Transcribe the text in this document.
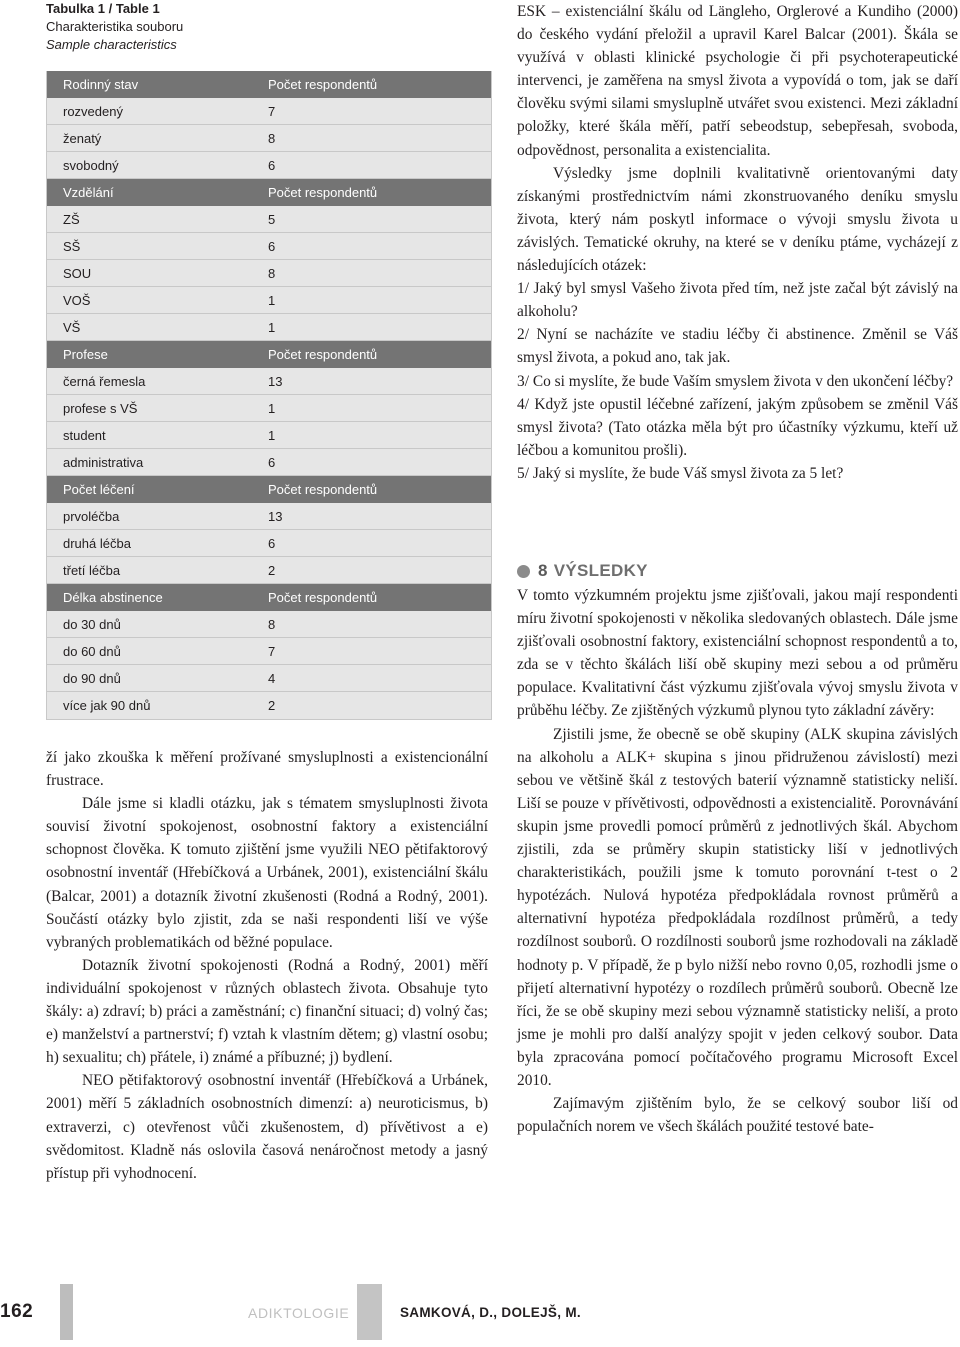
Tabulka 1 / Table 1
Charakteristika souboru
Sample characteristics
Rodinný stav	Počet respondentů
rozvedený	7
ženatý	8
svobodný	6
Vzdělání	Počet respondentů
ZŠ	5
SŠ	6
SOU	8
VOŠ	1
VŠ	1
Profese	Počet respondentů
černá řemesla	13
profese s VŠ	1
student	1
administrativa	6
Počet léčení	Počet respondentů
prvoléčba	13
druhá léčba	6
třetí léčba	2
Délka abstinence	Počet respondentů
do 30 dnů	8
do 60 dnů	7
do 90 dnů	4
více jak 90 dnů	2

ží jako zkouška k měření prožívané smysluplnosti a existencionální frustrace.

Dále jsme si kladli otázku, jak s tématem smysluplnosti života souvisí životní spokojenost, osobnostní faktory a existenciální schopnost člověka. K tomuto zjištění jsme využili NEO pětifaktorový osobnostní inventář (Hřebíčková a Urbánek, 2001), existenciální škálu (Balcar, 2001) a dotazník životní zkušenosti (Rodná a Rodný, 2001). Součástí otázky bylo zjistit, zda se naši respondenti liší ve výše vybraných problematikách od běžné populace.

Dotazník životní spokojenosti (Rodná a Rodný, 2001) měří individuální spokojenost v různých oblastech života. Obsahuje tyto škály: a) zdraví; b) práci a zaměstnání; c) finanční situaci; d) volný čas; e) manželství a partnerství; f) vztah k vlastním dětem; g) vlastní osobu; h) sexualitu; ch) přátele, i) známé a příbuzné; j) bydlení.

NEO pětifaktorový osobnostní inventář (Hřebíčková a Urbánek, 2001) měří 5 základních osobnostních dimenzí: a) neuroticismus, b) extraverzi, c) otevřenost vůči zkušenostem, d) přívětivost a e) svědomitost. Kladně nás oslovila časová nenáročnost metody a jasný přístup při vyhodnocení.

ESK – existenciální škálu od Längleho, Orglerové a Kundiho (2000) do českého vydání přeložil a upravil Karel Balcar (2001). Škála se využívá v oblasti klinické psychologie či při psychoterapeutické intervenci, je zaměřena na smysl života a vypovídá o tom, jak se daří člověku svými silami smysluplně utvářet svou existenci. Mezi základní položky, které škála měří, patří sebeodstup, sebepřesah, svoboda, odpovědnost, personalita a existencialita.

Výsledky jsme doplnili kvalitativně orientovanými daty získanými prostřednictvím námi zkonstruovaného deníku smyslu života, který nám poskytl informace o vývoji smyslu života u závislých. Tematické okruhy, na které se v deníku ptáme, vycházejí z následujících otázek:

1/ Jaký byl smysl Vašeho života před tím, než jste začal být závislý na alkoholu?

2/ Nyní se nacházíte ve stadiu léčby či abstinence. Změnil se Váš smysl života, a pokud ano, tak jak.

3/ Co si myslíte, že bude Vaším smyslem života v den ukončení léčby?

4/ Když jste opustil léčebné zařízení, jakým způsobem se změnil Váš smysl života? (Tato otázka měla být pro účastníky výzkumu, kteří už léčbou a komunitou prošli).

5/ Jaký si myslíte, že bude Váš smysl života za 5 let?

8 VÝSLEDKY

V tomto výzkumném projektu jsme zjišťovali, jakou mají respondenti míru životní spokojenosti v několika sledovaných oblastech. Dále jsme zjišťovali osobnostní faktory, existenciální schopnost respondentů a to, zda se v těchto škálách liší obě skupiny mezi sebou a od průměru populace. Kvalitativní část výzkumu zjišťovala vývoj smyslu života v průběhu léčby. Ze zjištěných výzkumů plynou tyto základní závěry:

Zjistili jsme, že obecně se obě skupiny (ALK skupina závislých na alkoholu a ALK+ skupina s jinou přidruženou závislostí) mezi sebou ve většině škál z testových baterií významně statisticky neliší. Liší se pouze v přívětivosti, odpovědnosti a existencialitě. Porovnávání skupin jsme provedli pomocí průměrů z jednotlivých škál. Abychom zjistili, zda se průměry skupin statisticky liší v jednotlivých charakteristikách, použili jsme k tomuto porovnání t-test o 2 hypotézách. Nulová hypotéza předpokládala rovnost průměrů a alternativní hypotéza předpokládala rozdílnost průměrů, a tedy rozdílnost souborů. O rozdílnosti souborů jsme rozhodovali na základě hodnoty p. V případě, že p bylo nižší nebo rovno 0,05, rozhodli jsme o přijetí alternativní hypotézy o rozdílech průměrů souborů. Obecně lze říci, že se obě skupiny mezi sebou významně statisticky neliší, a proto jsme je mohli pro další analýzy spojit v jeden celkový soubor. Data byla zpracována pomocí počítačového programu Microsoft Excel 2010.

Zajímavým zjištěním bylo, že se celkový soubor liší od populačních norem ve všech škálách použité testové bate-

162	ADIKTOLOGIE	SAMKOVÁ, D., DOLEJŠ, M.
